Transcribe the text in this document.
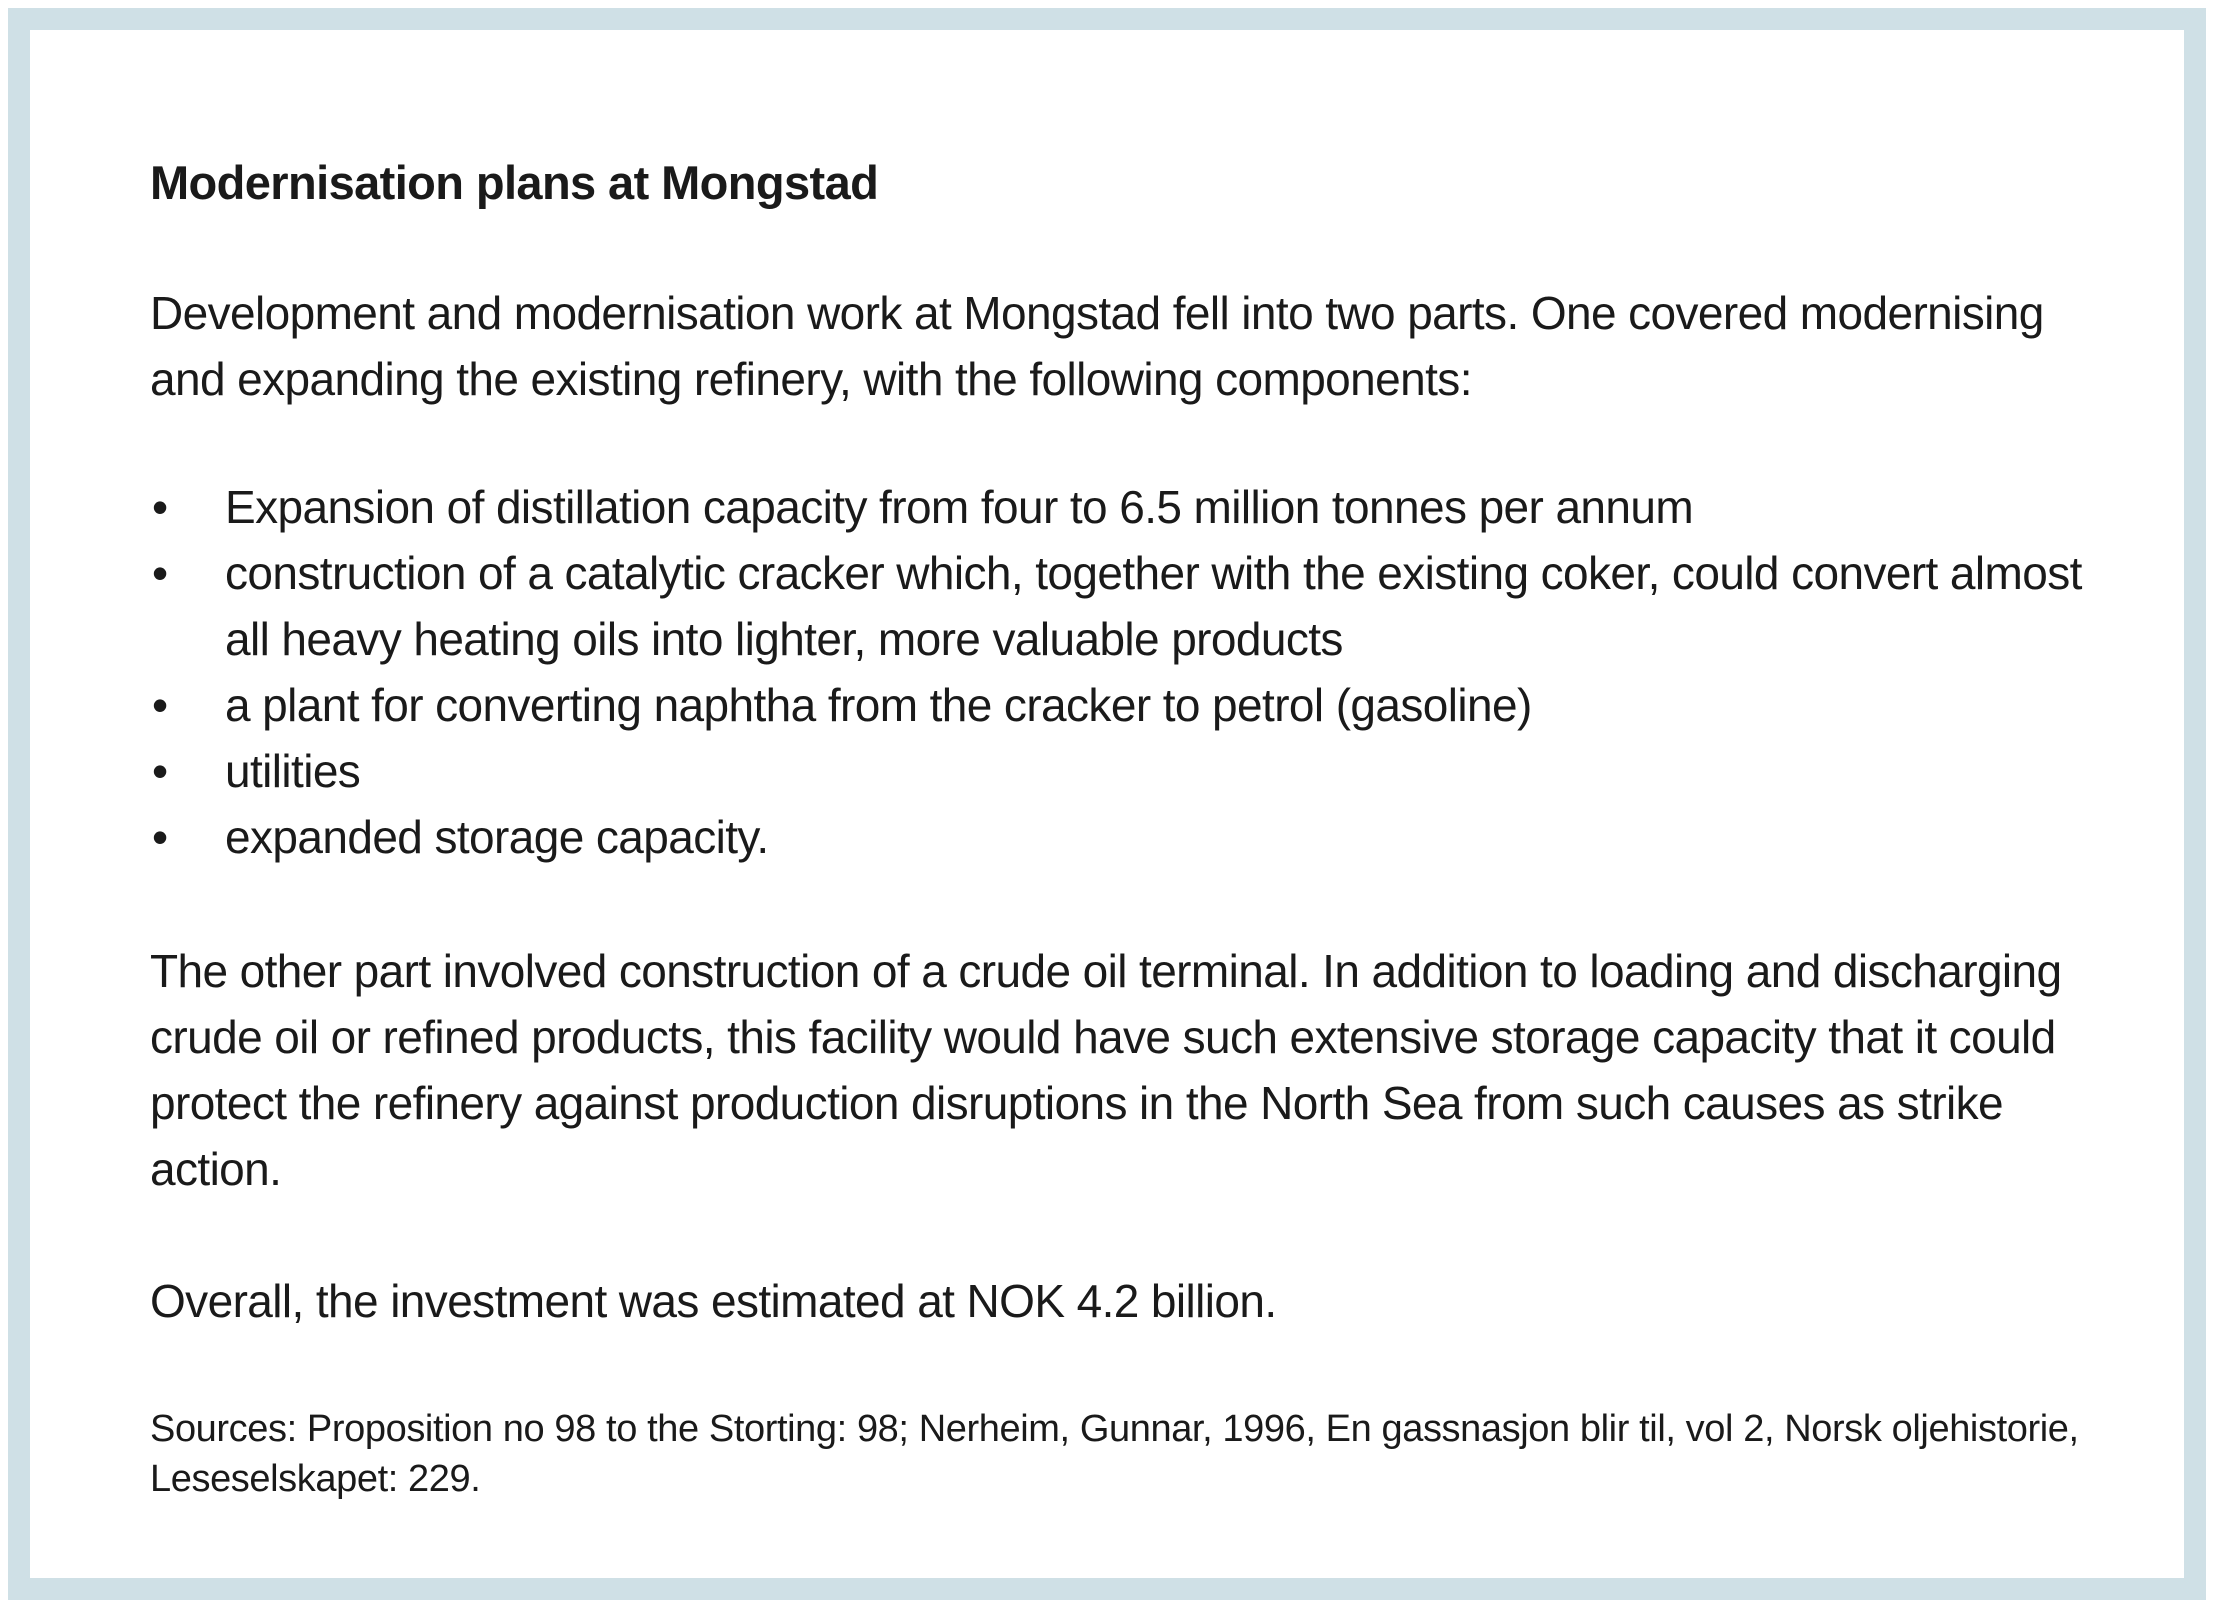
Modernisation plans at Mongstad

Development and modernisation work at Mongstad fell into two parts. One covered modernising and expanding the existing refinery, with the following components:

• Expansion of distillation capacity from four to 6.5 million tonnes per annum
• construction of a catalytic cracker which, together with the existing coker, could convert almost all heavy heating oils into lighter, more valuable products
• a plant for converting naphtha from the cracker to petrol (gasoline)
• utilities
• expanded storage capacity.

The other part involved construction of a crude oil terminal. In addition to loading and discharging crude oil or refined products, this facility would have such extensive storage capacity that it could protect the refinery against production disruptions in the North Sea from such causes as strike action.

Overall, the investment was estimated at NOK 4.2 billion.

Sources: Proposition no 98 to the Storting: 98; Nerheim, Gunnar, 1996, En gassnasjon blir til, vol 2, Norsk oljehistorie, Leseselskapet: 229.
